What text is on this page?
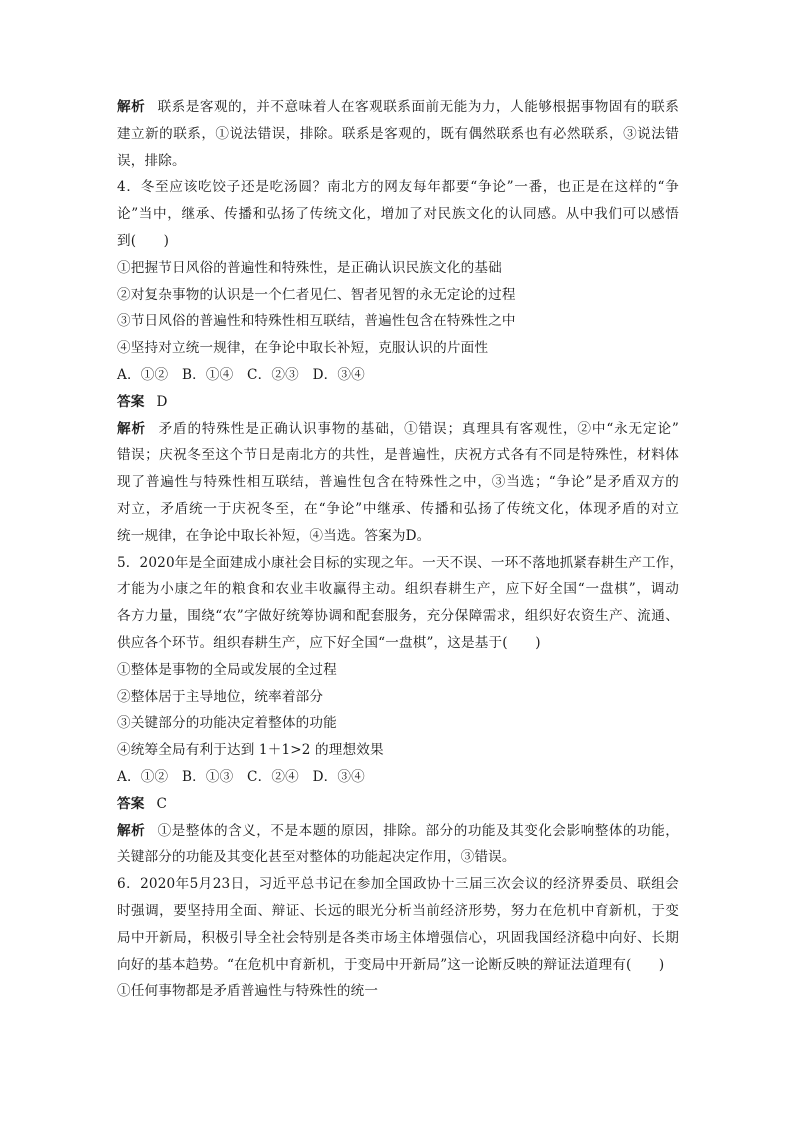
解析 联系是客观的，并不意味着人在客观联系面前无能为力，人能够根据事物固有的联系
建立新的联系，①说法错误，排除。联系是客观的，既有偶然联系也有必然联系，③说法错
误，排除。
4．冬至应该吃饺子还是吃汤圆？南北方的网友每年都要“争论”一番，也正是在这样的“争
论”当中，继承、传播和弘扬了传统文化，增加了对民族文化的认同感。从中我们可以感悟
到(　　)
①把握节日风俗的普遍性和特殊性，是正确认识民族文化的基础
②对复杂事物的认识是一个仁者见仁、智者见智的永无定论的过程
③节日风俗的普遍性和特殊性相互联结，普遍性包含在特殊性之中
④坚持对立统一规律，在争论中取长补短，克服认识的片面性
A．①②　B．①④　C．②③　D．③④
答案 D
解析 矛盾的特殊性是正确认识事物的基础，①错误；真理具有客观性，②中“永无定论”
错误；庆祝冬至这个节日是南北方的共性，是普遍性，庆祝方式各有不同是特殊性，材料体
现了普遍性与特殊性相互联结，普遍性包含在特殊性之中，③当选；“争论”是矛盾双方的
对立，矛盾统一于庆祝冬至，在“争论”中继承、传播和弘扬了传统文化，体现矛盾的对立
统一规律，在争论中取长补短，④当选。答案为D。
5．2020年是全面建成小康社会目标的实现之年。一天不误、一环不落地抓紧春耕生产工作，
才能为小康之年的粮食和农业丰收赢得主动。组织春耕生产，应下好全国“一盘棋”，调动
各方力量，围绕“农”字做好统筹协调和配套服务，充分保障需求，组织好农资生产、流通、
供应各个环节。组织春耕生产，应下好全国“一盘棋”，这是基于(　　)
①整体是事物的全局或发展的全过程
②整体居于主导地位，统率着部分
③关键部分的功能决定着整体的功能
④统筹全局有利于达到 1＋1>2 的理想效果
A．①②　B．①③　C．②④　D．③④
答案 C
解析 ①是整体的含义，不是本题的原因，排除。部分的功能及其变化会影响整体的功能，
关键部分的功能及其变化甚至对整体的功能起决定作用，③错误。
6．2020年5月23日，习近平总书记在参加全国政协十三届三次会议的经济界委员、联组会
时强调，要坚持用全面、辩证、长远的眼光分析当前经济形势，努力在危机中育新机，于变
局中开新局，积极引导全社会特别是各类市场主体增强信心，巩固我国经济稳中向好、长期
向好的基本趋势。“在危机中育新机，于变局中开新局”这一论断反映的辩证法道理有(　　)
①任何事物都是矛盾普遍性与特殊性的统一
